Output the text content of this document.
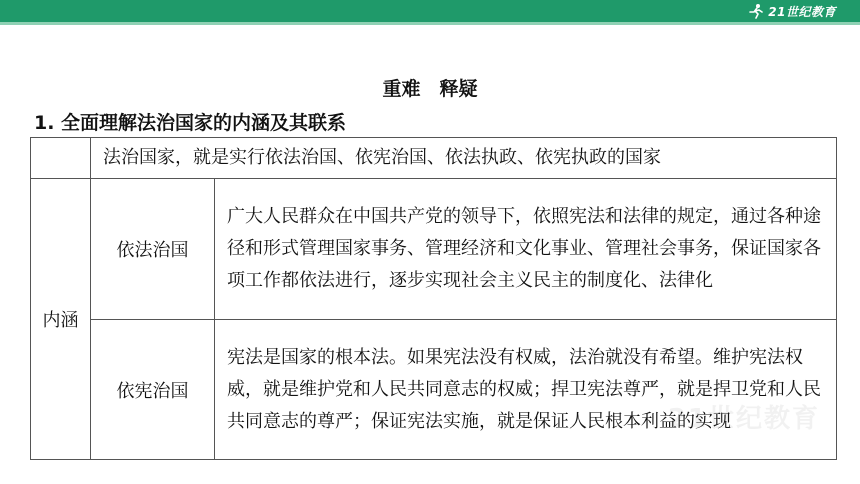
21世纪教育
重难　释疑
1. 全面理解法治国家的内涵及其联系
	法治国家，就是实行依法治国、依宪治国、依法执政、依宪执政的国家	
内涵	依法治国	广大人民群众在中国共产党的领导下，依照宪法和法律的规定，通过各种途径和形式管理国家事务、管理经济和文化事业、管理社会事务，保证国家各项工作都依法进行，逐步实现社会主义民主的制度化、法律化
	依宪治国	宪法是国家的根本法。如果宪法没有权威，法治就没有希望。维护宪法权威，就是维护党和人民共同意志的权威；捍卫宪法尊严，就是捍卫党和人民共同意志的尊严；保证宪法实施，就是保证人民根本利益的实现
21世纪教育
